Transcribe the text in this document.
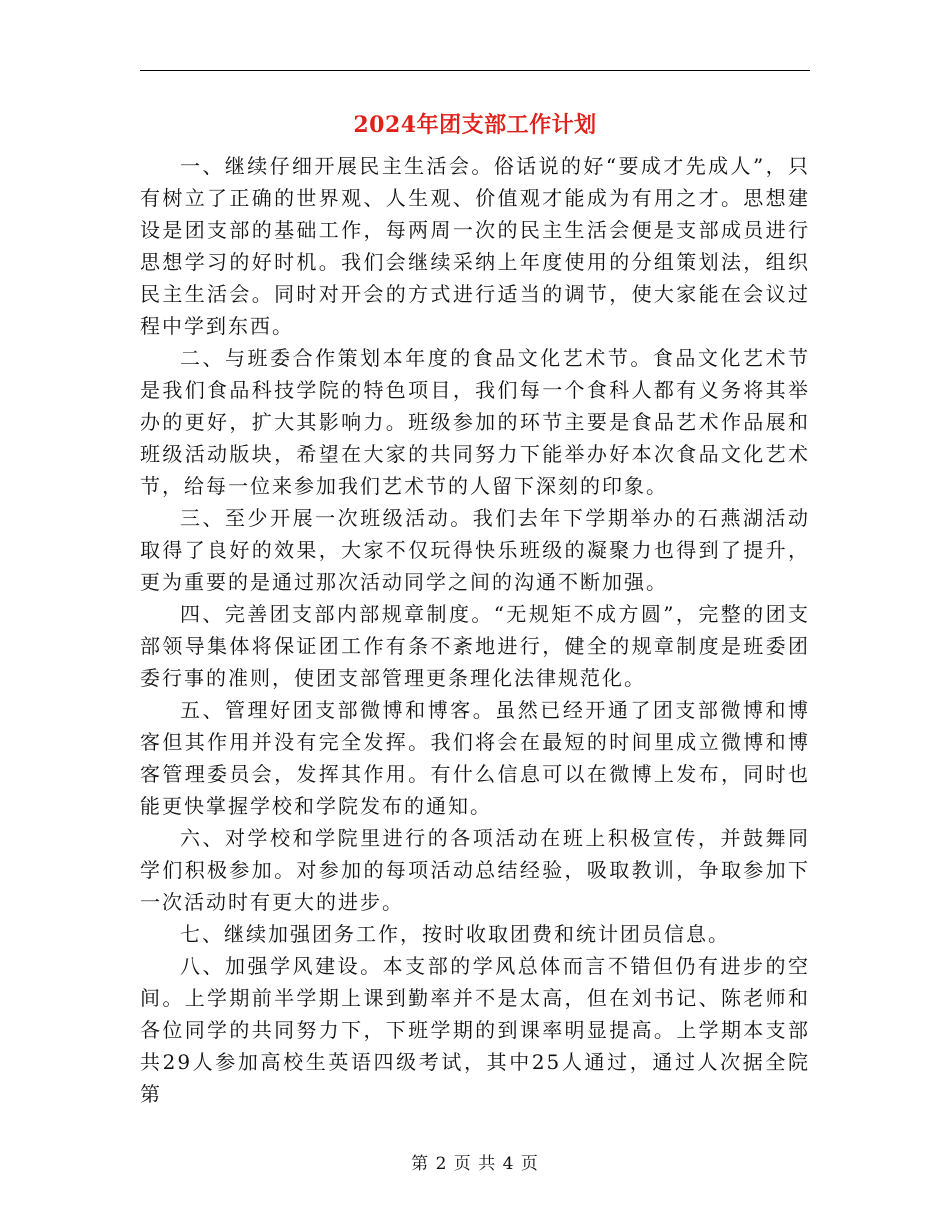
2024年团支部工作计划

一、继续仔细开展民主生活会。俗话说的好“要成才先成人”，只有树立了正确的世界观、人生观、价值观才能成为有用之才。思想建设是团支部的基础工作，每两周一次的民主生活会便是支部成员进行思想学习的好时机。我们会继续采纳上年度使用的分组策划法，组织民主生活会。同时对开会的方式进行适当的调节，使大家能在会议过程中学到东西。

二、与班委合作策划本年度的食品文化艺术节。食品文化艺术节是我们食品科技学院的特色项目，我们每一个食科人都有义务将其举办的更好，扩大其影响力。班级参加的环节主要是食品艺术作品展和班级活动版块，希望在大家的共同努力下能举办好本次食品文化艺术节，给每一位来参加我们艺术节的人留下深刻的印象。

三、至少开展一次班级活动。我们去年下学期举办的石燕湖活动取得了良好的效果，大家不仅玩得快乐班级的凝聚力也得到了提升，更为重要的是通过那次活动同学之间的沟通不断加强。

四、完善团支部内部规章制度。“无规矩不成方圆”，完整的团支部领导集体将保证团工作有条不紊地进行，健全的规章制度是班委团委行事的准则，使团支部管理更条理化法律规范化。

五、管理好团支部微博和博客。虽然已经开通了团支部微博和博客但其作用并没有完全发挥。我们将会在最短的时间里成立微博和博客管理委员会，发挥其作用。有什么信息可以在微博上发布，同时也能更快掌握学校和学院发布的通知。

六、对学校和学院里进行的各项活动在班上积极宣传，并鼓舞同学们积极参加。对参加的每项活动总结经验，吸取教训，争取参加下一次活动时有更大的进步。

七、继续加强团务工作，按时收取团费和统计团员信息。

八、加强学风建设。本支部的学风总体而言不错但仍有进步的空间。上学期前半学期上课到勤率并不是太高，但在刘书记、陈老师和各位同学的共同努力下，下班学期的到课率明显提高。上学期本支部共29人参加高校生英语四级考试，其中25人通过，通过人次据全院第

第 2 页 共 4 页
